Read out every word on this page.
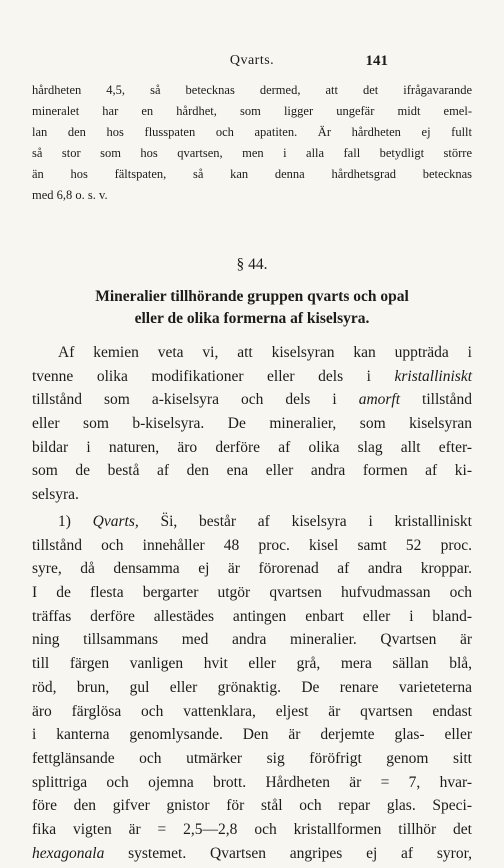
Qvarts.	141
hårdheten 4,5, så betecknas dermed, att det ifrågavarande
mineralet har en hårdhet, som ligger ungefär midt emel-
lan den hos flusspaten och apatiten. Är hårdheten ej fullt
så stor som hos qvartsen, men i alla fall betydligt större
än hos fältspaten, så kan denna hårdhetsgrad betecknas
med 6,8 o. s. v.
§ 44.
Mineralier tillhörande gruppen qvarts och opal
eller de olika formerna af kiselsyra.
Af kemien veta vi, att kiselsyran kan uppträda i
tvenne olika modifikationer eller dels i kristalliniskt
tillstånd som a-kiselsyra och dels i amorft tillstånd
eller som b-kiselsyra. De mineralier, som kiselsyran
bildar i naturen, äro derföre af olika slag allt efter-
som de bestå af den ena eller andra formen af ki-
selsyra.
1) Qvarts, S̈i, består af kiselsyra i kristalliniskt
tillstånd och innehåller 48 proc. kisel samt 52 proc.
syre, då densamma ej är förorenad af andra kroppar.
I de flesta bergarter utgör qvartsen hufvudmassan och
träffas derföre allestädes antingen enbart eller i bland-
ning tillsammans med andra mineralier. Qvartsen är
till färgen vanligen hvit eller grå, mera sällan blå,
röd, brun, gul eller grönaktig. De renare varieteterna
äro färglösa och vattenklara, eljest är qvartsen endast
i kanterna genomlysande. Den är derjemte glas- eller
fettglänsande och utmärker sig föröfrigt genom sitt
splittriga och ojemna brott. Hårdheten är = 7, hvar-
före den gifver gnistor för stål och repar glas. Speci-
fika vigten är = 2,5—2,8 och kristallformen tillhör det
hexagonala systemet. Qvartsen angripes ej af syror,
